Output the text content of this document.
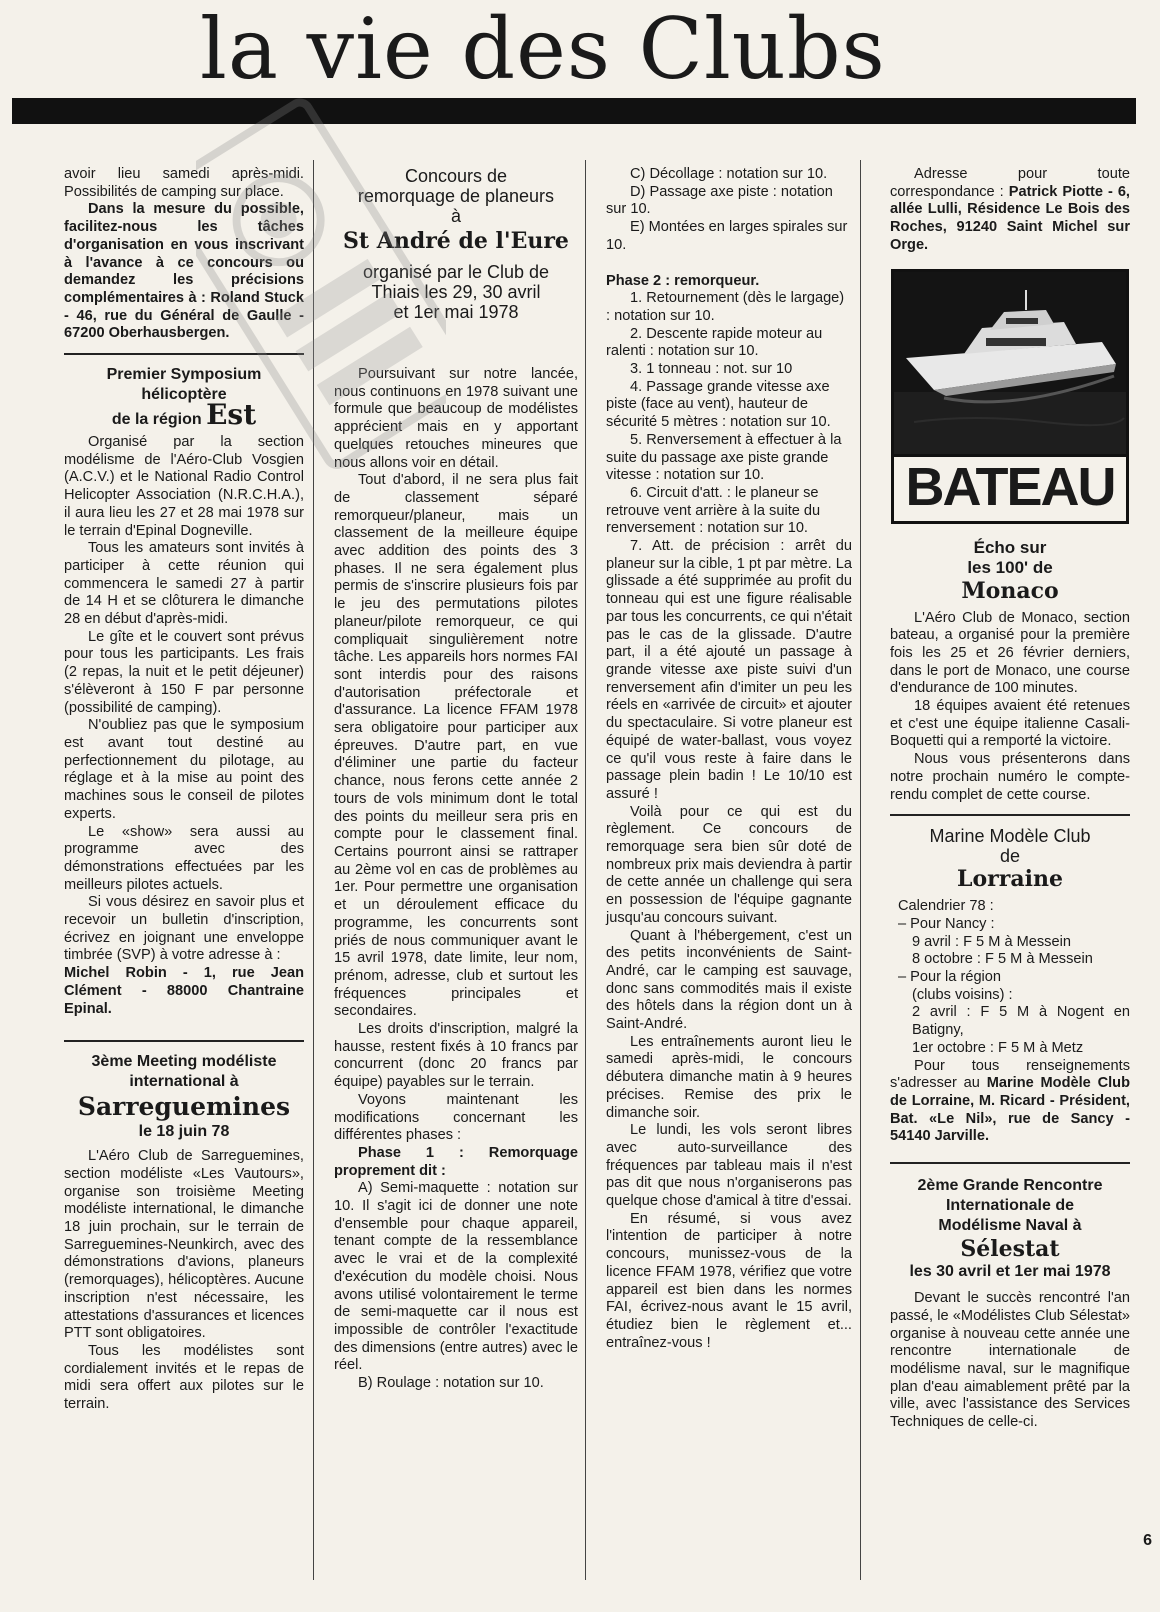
la vie des Clubs

avoir lieu samedi après-midi. Possibilités de camping sur place.

Dans la mesure du possible, facilitez-nous les tâches d'organisation en vous inscrivant à l'avance à ce concours ou demandez les précisions complémentaires à : Roland Stuck - 46, rue du Général de Gaulle - 67200 Oberhausbergen.

Premier Symposium
hélicoptère
de la région Est

Organisé par la section modélisme de l'Aéro-Club Vosgien (A.C.V.) et le National Radio Control Helicopter Association (N.R.C.H.A.), il aura lieu les 27 et 28 mai 1978 sur le terrain d'Epinal Dogneville.

Tous les amateurs sont invités à participer à cette réunion qui commencera le samedi 27 à partir de 14 H et se clôturera le dimanche 28 en début d'après-midi.

Le gîte et le couvert sont prévus pour tous les participants. Les frais (2 repas, la nuit et le petit déjeuner) s'élèveront à 150 F par personne (possibilité de camping).

N'oubliez pas que le symposium est avant tout destiné au perfectionnement du pilotage, au réglage et à la mise au point des machines sous le conseil de pilotes experts.

Le «show» sera aussi au programme avec des démonstrations effectuées par les meilleurs pilotes actuels.

Si vous désirez en savoir plus et recevoir un bulletin d'inscription, écrivez en joignant une enveloppe timbrée (SVP) à votre adresse à :

Michel Robin - 1, rue Jean Clément - 88000 Chantraine Epinal.

3ème Meeting modéliste
international à
Sarreguemines
le 18 juin 78

L'Aéro Club de Sarreguemines, section modéliste «Les Vautours», organise son troisième Meeting modéliste international, le dimanche 18 juin prochain, sur le terrain de Sarreguemines-Neunkirch, avec des démonstrations d'avions, planeurs (remorquages), hélicoptères. Aucune inscription n'est nécessaire, les attestations d'assurances et licences PTT sont obligatoires.

Tous les modélistes sont cordialement invités et le repas de midi sera offert aux pilotes sur le terrain.

Concours de
remorquage de planeurs
à
St André de l'Eure
organisé par le Club de
Thiais les 29, 30 avril
et 1er mai 1978

Poursuivant sur notre lancée, nous continuons en 1978 suivant une formule que beaucoup de modélistes apprécient mais en y apportant quelques retouches mineures que nous allons voir en détail.

Tout d'abord, il ne sera plus fait de classement séparé remorqueur/planeur, mais un classement de la meilleure équipe avec addition des points des 3 phases. Il ne sera également plus permis de s'inscrire plusieurs fois par le jeu des permutations pilotes planeur/pilote remorqueur, ce qui compliquait singulièrement notre tâche. Les appareils hors normes FAI sont interdis pour des raisons d'autorisation préfectorale et d'assurance. La licence FFAM 1978 sera obligatoire pour participer aux épreuves. D'autre part, en vue d'éliminer une partie du facteur chance, nous ferons cette année 2 tours de vols minimum dont le total des points du meilleur sera pris en compte pour le classement final. Certains pourront ainsi se rattraper au 2ème vol en cas de problèmes au 1er. Pour permettre une organisation et un déroulement efficace du programme, les concurrents sont priés de nous communiquer avant le 15 avril 1978, date limite, leur nom, prénom, adresse, club et surtout les fréquences principales et secondaires.

Les droits d'inscription, malgré la hausse, restent fixés à 10 francs par concurrent (donc 20 francs par équipe) payables sur le terrain.

Voyons maintenant les modifications concernant les différentes phases :

Phase 1 : Remorquage proprement dit :

A) Semi-maquette : notation sur 10. Il s'agit ici de donner une note d'ensemble pour chaque appareil, tenant compte de la ressemblance avec le vrai et de la complexité d'exécution du modèle choisi. Nous avons utilisé volontairement le terme de semi-maquette car il nous est impossible de contrôler l'exactitude des dimensions (entre autres) avec le réel.

B) Roulage : notation sur 10.

C) Décollage : notation sur 10.

D) Passage axe piste : notation sur 10.

E) Montées en larges spirales sur 10.

Phase 2 : remorqueur.

1. Retournement (dès le largage) : notation sur 10.

2. Descente rapide moteur au ralenti : notation sur 10.

3. 1 tonneau : not. sur 10

4. Passage grande vitesse axe piste (face au vent), hauteur de sécurité 5 mètres : notation sur 10.

5. Renversement à effectuer à la suite du passage axe piste grande vitesse : notation sur 10.

6. Circuit d'att. : le planeur se retrouve vent arrière à la suite du renversement : notation sur 10.

7. Att. de précision : arrêt du planeur sur la cible, 1 pt par mètre. La glissade a été supprimée au profit du tonneau qui est une figure réalisable par tous les concurrents, ce qui n'était pas le cas de la glissade. D'autre part, il a été ajouté un passage à grande vitesse axe piste suivi d'un renversement afin d'imiter un peu les réels en «arrivée de circuit» et ajouter du spectaculaire. Si votre planeur est équipé de water-ballast, vous voyez ce qu'il vous reste à faire dans le passage plein badin ! Le 10/10 est assuré !

Voilà pour ce qui est du règlement. Ce concours de remorquage sera bien sûr doté de nombreux prix mais deviendra à partir de cette année un challenge qui sera en possession de l'équipe gagnante jusqu'au concours suivant.

Quant à l'hébergement, c'est un des petits inconvénients de Saint-André, car le camping est sauvage, donc sans commodités mais il existe des hôtels dans la région dont un à Saint-André.

Les entraînements auront lieu le samedi après-midi, le concours débutera dimanche matin à 9 heures précises. Remise des prix le dimanche soir.

Le lundi, les vols seront libres avec auto-surveillance des fréquences par tableau mais il n'est pas dit que nous n'organiserons pas quelque chose d'amical à titre d'essai.

En résumé, si vous avez l'intention de participer à notre concours, munissez-vous de la licence FFAM 1978, vérifiez que votre appareil est bien dans les normes FAI, écrivez-nous avant le 15 avril, étudiez bien le règlement et... entraînez-vous !

Adresse pour toute correspondance : Patrick Piotte - 6, allée Lulli, Résidence Le Bois des Roches, 91240 Saint Michel sur Orge.

BATEAU
Écho sur
les 100' de
Monaco

L'Aéro Club de Monaco, section bateau, a organisé pour la première fois les 25 et 26 février derniers, dans le port de Monaco, une course d'endurance de 100 minutes.

18 équipes avaient été retenues et c'est une équipe italienne Casali-Boquetti qui a remporté la victoire.

Nous vous présenterons dans notre prochain numéro le compte-rendu complet de cette course.

Marine Modèle Club
de
Lorraine

Calendrier 78 :

– Pour Nancy :

9 avril : F 5 M à Messein

8 octobre : F 5 M à Messein

– Pour la région

(clubs voisins) :

2 avril : F 5 M à Nogent en Batigny,

1er octobre : F 5 M à Metz

Pour tous renseignements s'adresser au Marine Modèle Club de Lorraine, M. Ricard - Président, Bat. «Le Nil», rue de Sancy - 54140 Jarville.

2ème Grande Rencontre
Internationale de
Modélisme Naval à
Sélestat
les 30 avril et 1er mai 1978

Devant le succès rencontré l'an passé, le «Modélistes Club Sélestat» organise à nouveau cette année une rencontre internationale de modélisme naval, sur le magnifique plan d'eau aimablement prêté par la ville, avec l'assistance des Services Techniques de celle-ci.

6
